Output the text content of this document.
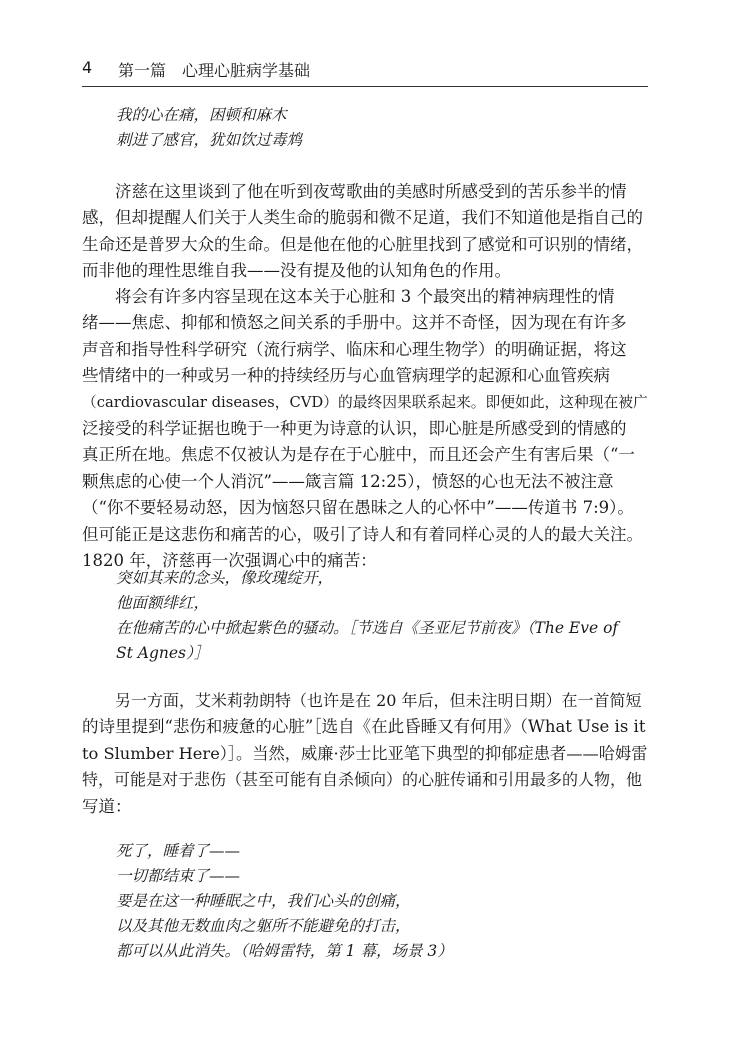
4 第一篇　心理心脏病学基础
我的心在痛，困顿和麻木
刺进了感官，犹如饮过毒鸩
济慈在这里谈到了他在听到夜莺歌曲的美感时所感受到的苦乐参半的情
感，但却提醒人们关于人类生命的脆弱和微不足道，我们不知道他是指自己的
生命还是普罗大众的生命。但是他在他的心脏里找到了感觉和可识别的情绪，
而非他的理性思维自我——没有提及他的认知角色的作用。
将会有许多内容呈现在这本关于心脏和 3 个最突出的精神病理性的情
绪——焦虑、抑郁和愤怒之间关系的手册中。这并不奇怪，因为现在有许多
声音和指导性科学研究（流行病学、临床和心理生物学）的明确证据，将这
些情绪中的一种或另一种的持续经历与心血管病理学的起源和心血管疾病
（cardiovascular diseases，CVD）的最终因果联系起来。即便如此，这种现在被广
泛接受的科学证据也晚于一种更为诗意的认识，即心脏是所感受到的情感的
真正所在地。焦虑不仅被认为是存在于心脏中，而且还会产生有害后果（“一
颗焦虑的心使一个人消沉”——箴言篇 12:25），愤怒的心也无法不被注意
（“你不要轻易动怒，因为恼怒只留在愚昧之人的心怀中”——传道书 7:9）。
但可能正是这悲伤和痛苦的心，吸引了诗人和有着同样心灵的人的最大关注。
1820 年，济慈再一次强调心中的痛苦：
突如其来的念头，像玫瑰绽开，
他面额绯红，
在他痛苦的心中掀起紫色的骚动。［节选自《圣亚尼节前夜》（The Eve of
St Agnes）］
另一方面，艾米莉勃朗特（也许是在 20 年后，但未注明日期）在一首简短
的诗里提到“悲伤和疲惫的心脏”［选自《在此昏睡又有何用》（What Use is it
to Slumber Here）］。当然，威廉·莎士比亚笔下典型的抑郁症患者——哈姆雷
特，可能是对于悲伤（甚至可能有自杀倾向）的心脏传诵和引用最多的人物，他
写道：
死了，睡着了——
一切都结束了——
要是在这一种睡眠之中，我们心头的创痛，
以及其他无数血肉之躯所不能避免的打击，
都可以从此消失。（哈姆雷特，第 1 幕，场景 3）
